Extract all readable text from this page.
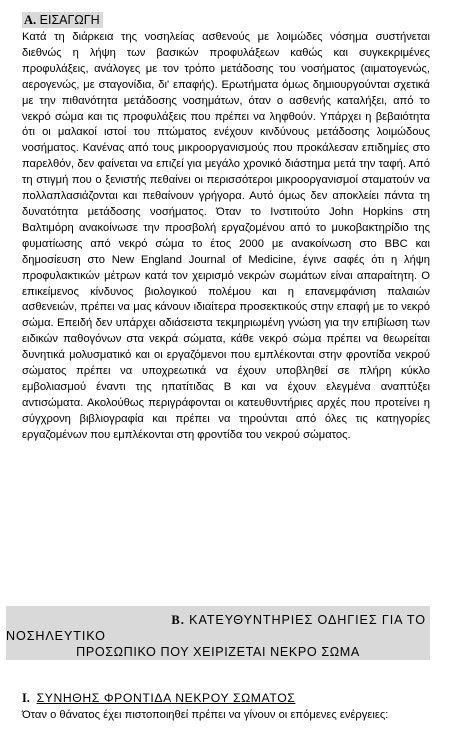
A. ΕΙΣΑΓΩΓΗ

Κατά τη διάρκεια της νοσηλείας ασθενούς με λοιμώδες νόσημα συστήνεται διεθνώς η λήψη των βασικών προφυλάξεων καθώς και συγκεκριμένες προφυλάξεις, ανάλογες με τον τρόπο μετάδοσης του νοσήματος (αιματογενώς, αερογενώς, με σταγονίδια, δι' επαφής). Ερωτήματα όμως δημιουργούνται σχετικά με την πιθανότητα μετάδοσης νοσημάτων, όταν ο ασθενής καταλήξει, από το νεκρό σώμα και τις προφυλάξεις που πρέπει να ληφθούν. Υπάρχει η βεβαιότητα ότι οι μαλακοί ιστοί του πτώματος ενέχουν κινδύνους μετάδοσης λοιμώδους νοσήματος. Κανένας από τους μικροοργανισμούς που προκάλεσαν επιδημίες στο παρελθόν, δεν φαίνεται να επιζεί για μεγάλο χρονικό διάστημα μετά την ταφή. Από τη στιγμή που ο ξενιστής πεθαίνει οι περισσότεροι μικροοργανισμοί σταματούν να πολλαπλασιάζονται και πεθαίνουν γρήγορα. Αυτό όμως δεν αποκλείει πάντα τη δυνατότητα μετάδοσης νοσήματος. Όταν το Ινστιτούτο John Hopkins στη Βαλτιμόρη ανακοίνωσε την προσβολή εργαζομένου από το μυκοβακτηρίδιο της φυματίωσης από νεκρό σώμα το έτος 2000 με ανακοίνωση στο BBC και δημοσίευση στο New England Journal of Medicine, έγινε σαφές ότι η λήψη προφυλακτικών μέτρων κατά τον χειρισμό νεκρών σωμάτων είναι απαραίτητη. Ο επικείμενος κίνδυνος βιολογικού πολέμου και η επανεμφάνιση παλαιών ασθενειών, πρέπει να μας κάνουν ιδιαίτερα προσεκτικούς στην επαφή με το νεκρό σώμα. Επειδή δεν υπάρχει αδιάσειστα τεκμηριωμένη γνώση για την επιβίωση των ειδικών παθογόνων στα νεκρά σώματα, κάθε νεκρό σώμα πρέπει να θεωρείται δυνητικά μολυσματικό και οι εργαζόμενοι που εμπλέκονται στην φροντίδα νεκρού σώματος πρέπει να υποχρεωτικά να έχουν υποβληθεί σε πλήρη κύκλο εμβολιασμού έναντι της ηπατίτιδας Β και να έχουν ελεγμένα αναπτύξει αντισώματα. Ακολούθως περιγράφονται οι κατευθυντήριες αρχές που προτείνει η σύγχρονη βιβλιογραφία και πρέπει να τηρούνται από όλες τις κατηγορίες εργαζομένων που εμπλέκονται στη φροντίδα του νεκρού σώματος.

Β. ΚΑΤΕΥΘΥΝΤΗΡΙΕΣ ΟΔΗΓΙΕΣ ΓΙΑ ΤΟ
ΝΟΣΗΛΕΥΤΙΚΟ
ΠΡΟΣΩΠΙΚΟ ΠΟΥ ΧΕΙΡΙΖΕΤΑΙ ΝΕΚΡΟ ΣΩΜΑ
I. ΣΥΝΗΘΗΣ ΦΡΟΝΤΙΔΑ ΝΕΚΡΟΥ ΣΩΜΑΤΟΣ
Όταν ο θάνατος έχει πιστοποιηθεί πρέπει να γίνουν οι επόμενες ενέργειες:
